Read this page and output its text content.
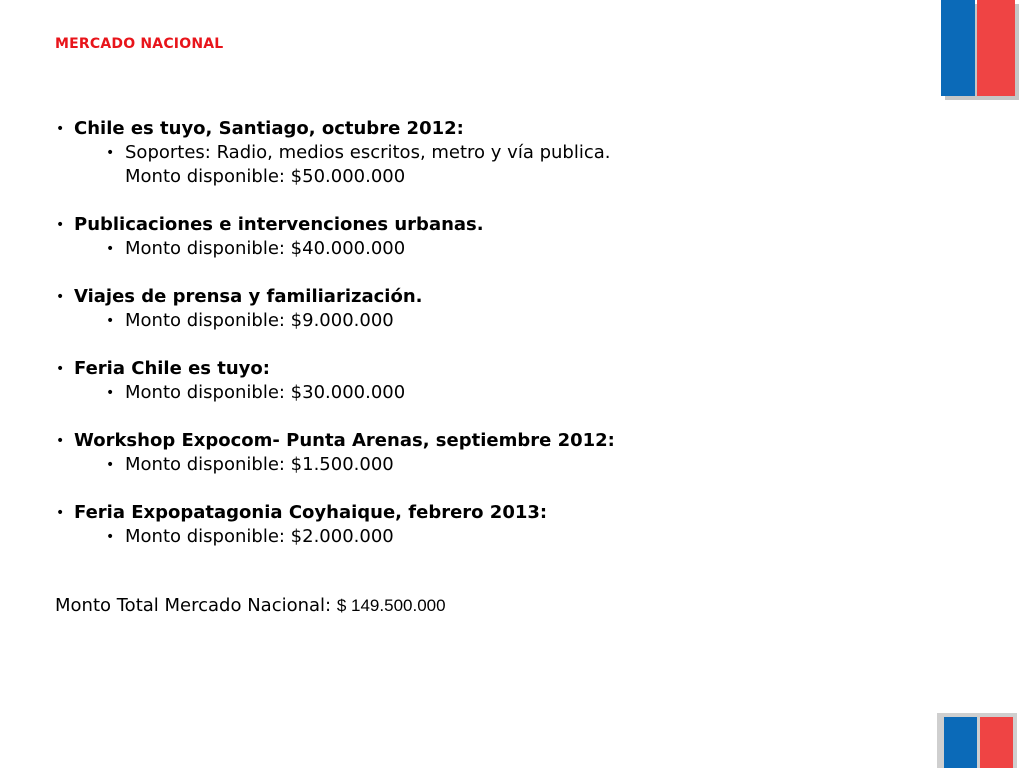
MERCADO NACIONAL
• Chile es tuyo, Santiago, octubre 2012:
• Soportes: Radio, medios escritos, metro y vía publica.
Monto disponible: $50.000.000
• Publicaciones e intervenciones urbanas.
• Monto disponible: $40.000.000
• Viajes de prensa y familiarización.
• Monto disponible: $9.000.000
• Feria Chile es tuyo:
• Monto disponible: $30.000.000
• Workshop Expocom- Punta Arenas, septiembre 2012:
• Monto disponible: $1.500.000
• Feria Expopatagonia Coyhaique, febrero 2013:
• Monto disponible: $2.000.000
Monto Total Mercado Nacional: $ 149.500.000
